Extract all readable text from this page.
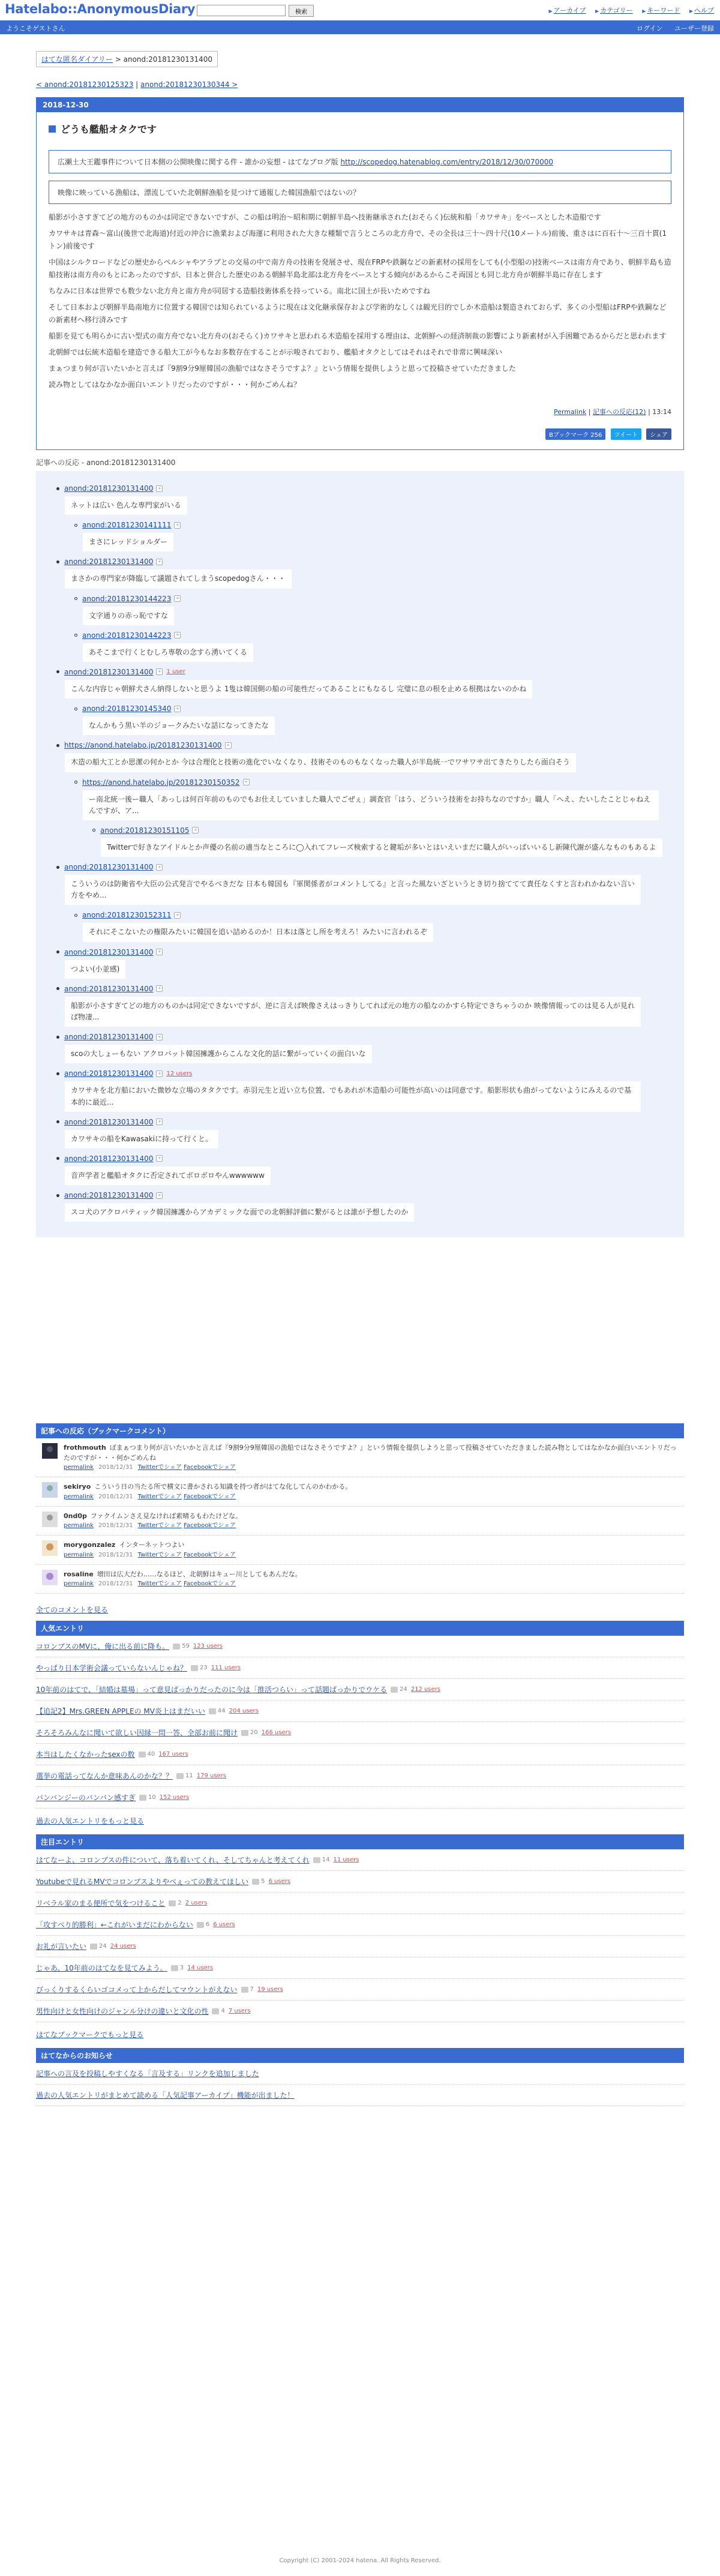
Hatelabo::AnonymousDiary	検索	▶ アーカイブ ▶ カテゴリー ▶ キーワード ▶ ヘルプ
ようこそゲストさん	ログイン ユーザー登録
はてな匿名ダイアリー > anond:20181230131400
< anond:20181230125323 | anond:20181230130344 >
2018-12-30
どうも艦船オタクです
広瀬土大王鑑事件について日本側の公開映像に関する件 - 誰かの妄想 - はてなブログ版 http://scopedog.hatenablog.com/entry/2018/12/30/070000
映像に映っている漁船は、漂流していた北朝鮮漁船を見つけて通報した韓国漁船ではないの？

船影が小さすぎてどの地方のものかは同定できないですが、この船は明治〜昭和期に朝鮮半島へ技術継承された(おそらく)伝統和船「カワサキ」をベースとした木造船です

カワサキは青森〜富山(後世で北海道)付近の沖合に漁業および海運に利用された大きな種類で言うところの北方舟で、その全長は三十〜四十尺(10メートル)前後、重さはに百石十〜三百十貫(1トン)前後です

中国はシルクロードなどの歴史からペルシャやアラブとの交易の中で南方舟の技術を発展させ、現在FRPや鉄鋼などの新素材の採用をしても(小型船の)技術ベースは南方舟であり、朝鮮半島も造船技術は南方舟のもとにあったのですが、日本と併合した歴史のある朝鮮半島北部は北方舟をベースとする傾向があるからこそ両国とも同じ北方舟が朝鮮半島に存在します

ちなみに日本は世界でも数少ない北方舟と南方舟が同居する造船技術体系を持っている。南北に国土が長いためですね

そして日本および朝鮮半島南地方に位置する韓国では知られているように現在は文化継承保存および学術的なしくは観光目的でしか木造船は製造されておらず、多くの小型船はFRPや鉄鋼などの新素材へ移行済みです

船影を見ても明らかに古い型式の南方舟でない北方舟の(おそらく)カワサキと思われる木造船を採用する理由は、北朝鮮への経済制裁の影響により新素材が入手困難であるからだと思われます

北朝鮮では伝統木造船を建造できる船大工が今もなお多数存在することが示唆されており、艦船オタクとしてはそれはそれで非常に興味深い

まぁつまり何が言いたいかと言えば『9割9分9厘韓国の漁船ではなさそうですよ？』という情報を提供しようと思って投稿させていただきました

読み物としてはなかなか面白いエントリだったのですが・・・何かごめんね？

Permalink | 記事への反応(12) | 13:14
Bブックマーク 256 ツイート シェア
記事への反応 - anond:20181230131400
anond:20181230131400	+
ネットは広い 色んな専門家がいる
anond:20181230141111	+
まさにレッドショルダー
anond:20181230131400	+
まさかの専門家が降臨して議題されてしまうscopedogさん・・・
anond:20181230144223	+
文字通りの赤っ恥ですな
anond:20181230144223	+
あそこまで行くとむしろ専敬の念すら湧いてくる
anond:20181230131400	+ 1 user
こんな内容じゃ朝鮮犬さん納得しないと思うよ 1隻は韓国側の船の可能性だってあることにもなるし 完璧に息の根を止める根拠はないのかね
anond:20181230145340	+
なんかもう黒い羊のジョークみたいな話になってきたな
https://anond.hatelabo.jp/20181230131400	+
木造の船大工とか思潔の何かとか 今は合理化と技術の進化でいなくなり、技術そのものもなくなった職人が半島統一でワサワサ出てきたりしたら面白そう
https://anond.hatelabo.jp/20181230150352	+
ー南北統一後ー職人「あっしは何百年前のものでもお仕えしていました職人でごぜぇ」調査官「はう、どういう技術をお持ちなのですか」職人「へえ、たいしたことじゃねえんですが、ア...
anond:20181230151105	+
Twitterで好きなアイドルとか声優の名前の適当なところに◯入れてフレーズ検索すると鍵垢が多いとはいえいまだに職人がいっぱいいるし新陳代謝が盛んなものもあるよ
anond:20181230131400	+
こういうのは防衛省や大臣の公式発言でやるべきだな 日本も韓国も『軍関係者がコメントしてる』と言った風ないざというとき切り捨ててて責任なくすと言われかねない言い方をやめ...
anond:20181230152311	+
それにそこないたの権限みたいに韓国を追い詰めるのか！日本は落とし所を考えろ！みたいに言われるぞ
anond:20181230131400	+
つよい(小並感)
anond:20181230131400	+
船影が小さすぎてどの地方のものかは同定できないですが、逆に言えば映像さえはっきりしてれば元の地方の船なのかすら特定できちゃうのか 映像情報ってのは見る人が見れば物凄...
anond:20181230131400	+
scoの大しょーもない アクロバット韓国擁護からこんな文化的話に繋がっていくの面白いな
anond:20181230131400	+ 12 users
カワサキを北方船においた微妙な立場のタタクです。赤羽元生と近い立ち位置、でもあれが木造船の可能性が高いのは同意です。船影形状も曲がってないようにみえるので基本的に最近...
anond:20181230131400	+
カワサキの船をKawasakiに持って行くと。
anond:20181230131400	+
音声学者と艦船オタクに否定されてボロボロやんwwwwww
anond:20181230131400	+
スコ犬のアクロバティック韓国擁護からアカデミックな面での北朝鮮評価に繋がるとは誰が予想したのか
記事への反応（ブックマークコメント）
frothmouth ぼまぁつまり何が言いたいかと言えば『9割9分9厘韓国の漁船ではなさそうですよ？』という情報を提供しようと思って投稿させていただきました読み物としてはなかなか面白いエントリだったのですが・・・何かごめんね
permalink 2018/12/31 Twitterでシェア Facebookでシェア
sekiryo こういう日の当たる所で横文に書かされる知識を持つ者がはてな化してんのかわかる。
permalink 2018/12/31 Twitterでシェア Facebookでシェア
0nd0p ファクイムンさえ見なければ素晴るもわたけどな。
permalink 2018/12/31 Twitterでシェア Facebookでシェア
morygonzalez インターネットつよい
permalink 2018/12/31 Twitterでシェア Facebookでシェア
rosaline 増田は広大だわ……なるほど、北朝鮮はキュー川としてもあんだな。
permalink 2018/12/31 Twitterでシェア Facebookでシェア
全てのコメントを見る
人気エントリ
コロンブスのMVに、俺に出る前に降も。 59 123 users
やっぱり日本学術会議っていらないんじゃね？ 23 111 users
10年前のはてで、「結婚は墓場」って意見ばっかりだったのに今は「推活つらい」って話題ばっかりでウケる 24 212 users
【追記2】Mrs.GREEN APPLEの MV炎上はまだいい 44 204 users
そろそろみんなに聞いて欲しい因縁一問一答、全部お前に聞け 20 166 users
本当はしたくなかったsexの数 40 167 users
選挙の電話ってなんか意味あんのかな？？ 11 179 users
バンバンジーのバンバン感すぎ 10 152 users
過去の人気エントリをもっと見る
注目エントリ
はてなーよ、コロンブスの件について、落ち着いてくれ、そしてちゃんと考えてくれ 14 11 users
Youtubeで見れるMVでコロンブスよりやべぇっての教えてほしい 5 6 users
リベラル家のまる便所で気をつけること 2 2 users
「攻すべり的勝利」←これがいまだにわからない 6 6 users
お礼が言いたい 24 24 users
じゃあ、10年前のはてなを見てみよう。 3 14 users
びっくりするくらいゴコメって上からだしてマウントがえない 7 19 users
男性向けと女性向けのジャンル分けの違いと文化の性 4 7 users
はてなブックマークでもっと見る
はてなからのお知らせ
記事への言及を投稿しやすくなる「言及する」リンクを追加しました
過去の人気エントリがまとめて読める「人気記事アーカイブ」機能が出ました！
Copyright (C) 2001-2024 hatena. All Rights Reserved.
